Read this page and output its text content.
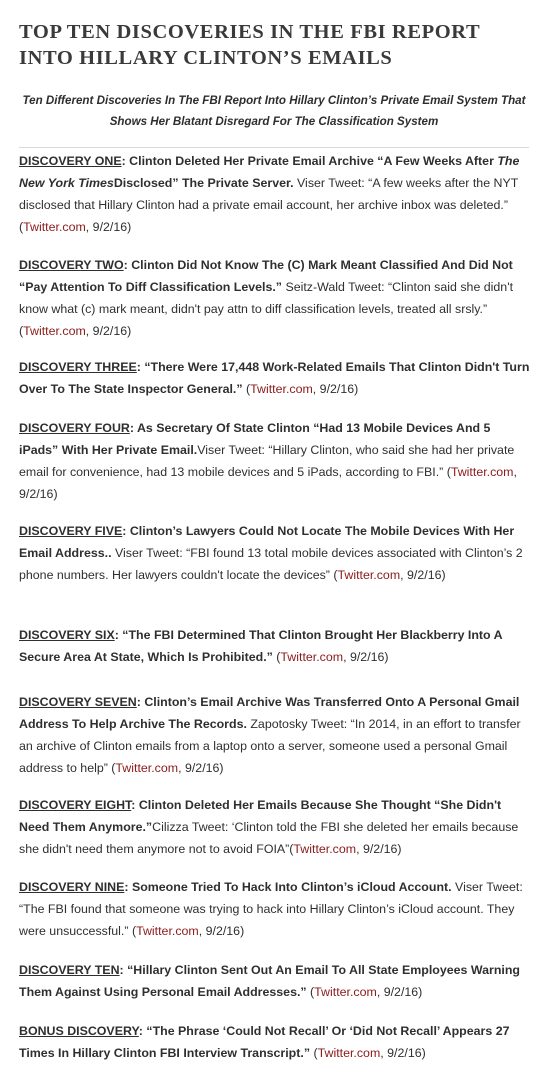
TOP TEN DISCOVERIES IN THE FBI REPORT INTO HILLARY CLINTON’S EMAILS

Ten Different Discoveries In The FBI Report Into Hillary Clinton’s Private Email System That Shows Her Blatant Disregard For The Classification System

DISCOVERY ONE: Clinton Deleted Her Private Email Archive “A Few Weeks After The New York TimesDisclosed” The Private Server. Viser Tweet: “A few weeks after the NYT disclosed that Hillary Clinton had a private email account, her archive inbox was deleted.” (Twitter.com, 9/2/16)

DISCOVERY TWO: Clinton Did Not Know The (C) Mark Meant Classified And Did Not “Pay Attention To Diff Classification Levels.” Seitz-Wald Tweet: “Clinton said she didn't know what (c) mark meant, didn't pay attn to diff classification levels, treated all srsly.” (Twitter.com, 9/2/16)

DISCOVERY THREE: “There Were 17,448 Work-Related Emails That Clinton Didn't Turn Over To The State Inspector General.” (Twitter.com, 9/2/16)

DISCOVERY FOUR: As Secretary Of State Clinton “Had 13 Mobile Devices And 5 iPads” With Her Private Email.Viser Tweet: “Hillary Clinton, who said she had her private email for convenience, had 13 mobile devices and 5 iPads, according to FBI.” (Twitter.com, 9/2/16)

DISCOVERY FIVE: Clinton’s Lawyers Could Not Locate The Mobile Devices With Her Email Address.. Viser Tweet: “FBI found 13 total mobile devices associated with Clinton’s 2 phone numbers. Her lawyers couldn't locate the devices” (Twitter.com, 9/2/16)

DISCOVERY SIX: “The FBI Determined That Clinton Brought Her Blackberry Into A Secure Area At State, Which Is Prohibited.” (Twitter.com, 9/2/16)

DISCOVERY SEVEN: Clinton’s Email Archive Was Transferred Onto A Personal Gmail Address To Help Archive The Records. Zapotosky Tweet: “In 2014, in an effort to transfer an archive of Clinton emails from a laptop onto a server, someone used a personal Gmail address to help” (Twitter.com, 9/2/16)

DISCOVERY EIGHT: Clinton Deleted Her Emails Because She Thought “She Didn't Need Them Anymore.”Cilizza Tweet: ‘Clinton told the FBI she deleted her emails because she didn't need them anymore not to avoid FOIA”(Twitter.com, 9/2/16)

DISCOVERY NINE: Someone Tried To Hack Into Clinton’s iCloud Account. Viser Tweet: “The FBI found that someone was trying to hack into Hillary Clinton’s iCloud account. They were unsuccessful.” (Twitter.com, 9/2/16)

DISCOVERY TEN: “Hillary Clinton Sent Out An Email To All State Employees Warning Them Against Using Personal Email Addresses.” (Twitter.com, 9/2/16)

BONUS DISCOVERY: “The Phrase ‘Could Not Recall’ Or ‘Did Not Recall’ Appears 27 Times In Hillary Clinton FBI Interview Transcript.” (Twitter.com, 9/2/16)
